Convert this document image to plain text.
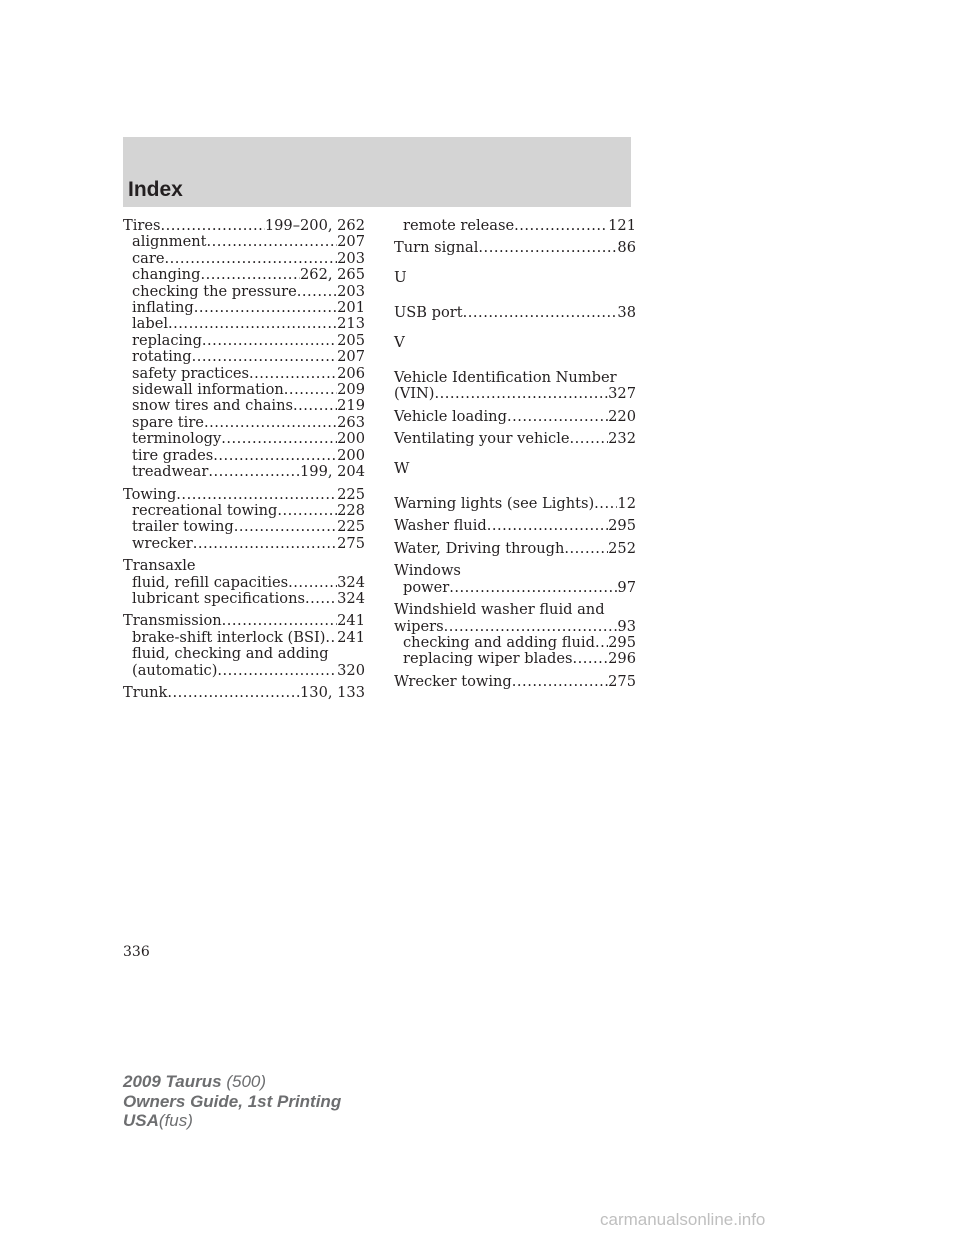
Index
Tires .....	199–200, 262
alignment .....	207
care .....	203
changing .....	262, 265
checking the pressure .....	203
inflating .....	201
label .....	213
replacing .....	205
rotating .....	207
safety practices .....	206
sidewall information .....	209
snow tires and chains .....	219
spare tire .....	263
terminology .....	200
tire grades .....	200
treadwear .....	199, 204
Towing .....	225
recreational towing .....	228
trailer towing .....	225
wrecker .....	275
Transaxle
fluid, refill capacities .....	324
lubricant specifications ..... 324
Transmission .....	241
brake-shift interlock (BSI) ..... 241
fluid, checking and adding
(automatic) .....	320
Trunk .....	130, 133
remote release .....	121
Turn signal .....	86
U
USB port .....	38
V
Vehicle Identification Number
(VIN) .....	327
Vehicle loading .....	220
Ventilating your vehicle .....	232
W
Warning lights (see Lights) ..... 12
Washer fluid .....	295
Water, Driving through .....	252
Windows
power .....	97
Windshield washer fluid and
wipers .....	93
checking and adding fluid ..... 295
replacing wiper blades ..... 296
Wrecker towing .....	275
336
2009 Taurus (500)
Owners Guide, 1st Printing
USA(fus)
carmanualsonline.info
